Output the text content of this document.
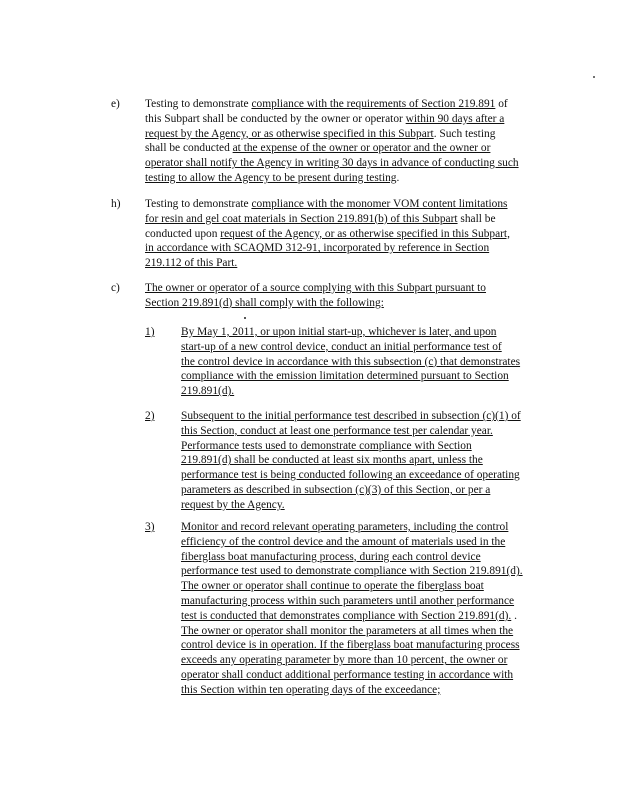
e) Testing to demonstrate compliance with the requirements of Section 219.891 of
this Subpart shall be conducted by the owner or operator within 90 days after a
request by the Agency, or as otherwise specified in this Subpart. Such testing
shall be conducted at the expense of the owner or operator and the owner or
operator shall notify the Agency in writing 30 days in advance of conducting such
testing to allow the Agency to be present during testing.
h) Testing to demonstrate compliance with the monomer VOM content limitations
for resin and gel coat materials in Section 219.891(b) of this Subpart shall be
conducted upon request of the Agency, or as otherwise specified in this Subpart,
in accordance with SCAQMD 312-91, incorporated by reference in Section
219.112 of this Part.
c) The owner or operator of a source complying with this Subpart pursuant to
Section 219.891(d) shall comply with the following:
1) By May 1, 2011, or upon initial start-up, whichever is later, and upon
start-up of a new control device, conduct an initial performance test of
the control device in accordance with this subsection (c) that demonstrates
compliance with the emission limitation determined pursuant to Section
219.891(d).
2) Subsequent to the initial performance test described in subsection (c)(1) of
this Section, conduct at least one performance test per calendar year.
Performance tests used to demonstrate compliance with Section
219.891(d) shall be conducted at least six months apart, unless the
performance test is being conducted following an exceedance of operating
parameters as described in subsection (c)(3) of this Section, or per a
request by the Agency.
3) Monitor and record relevant operating parameters, including the control
efficiency of the control device and the amount of materials used in the
fiberglass boat manufacturing process, during each control device
performance test used to demonstrate compliance with Section 219.891(d).
The owner or operator shall continue to operate the fiberglass boat
manufacturing process within such parameters until another performance
test is conducted that demonstrates compliance with Section 219.891(d). .
The owner or operator shall monitor the parameters at all times when the
control device is in operation. If the fiberglass boat manufacturing process
exceeds any operating parameter by more than 10 percent, the owner or
operator shall conduct additional performance testing in accordance with
this Section within ten operating days of the exceedance;
